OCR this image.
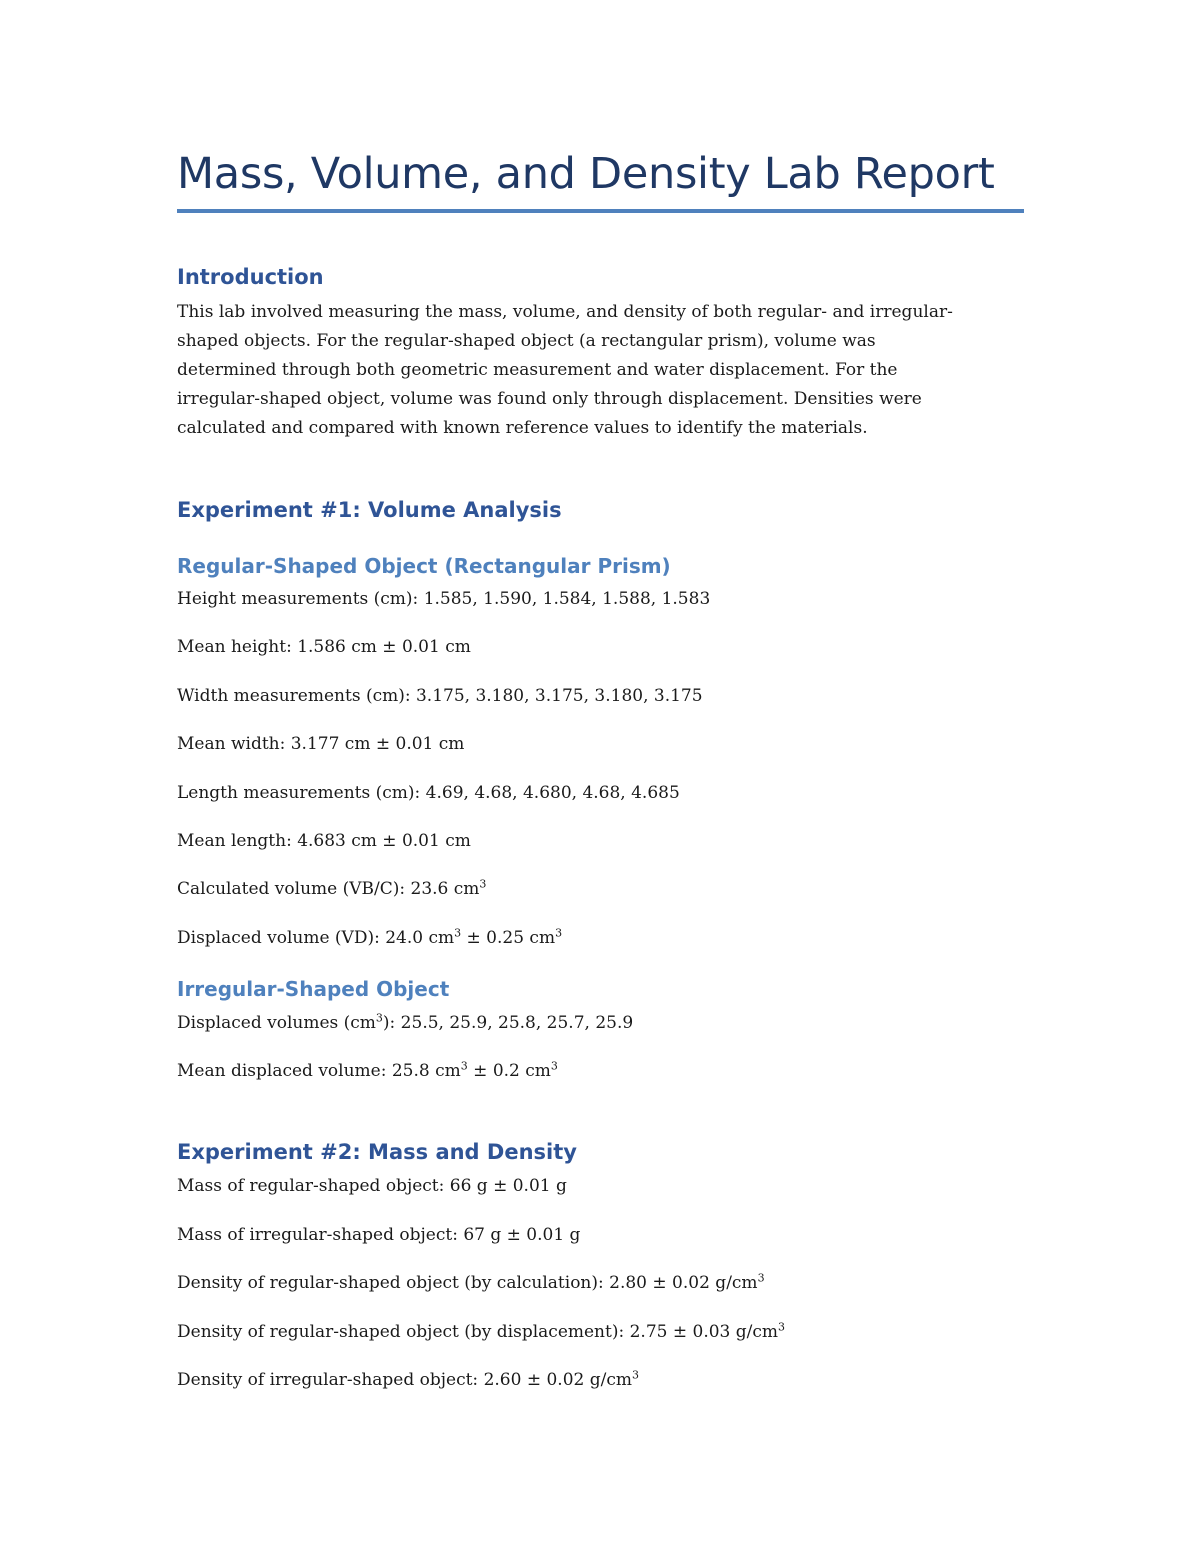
Mass, Volume, and Density Lab Report
Introduction
This lab involved measuring the mass, volume, and density of both regular- and irregular-
shaped objects. For the regular-shaped object (a rectangular prism), volume was
determined through both geometric measurement and water displacement. For the
irregular-shaped object, volume was found only through displacement. Densities were
calculated and compared with known reference values to identify the materials.
Experiment #1: Volume Analysis
Regular-Shaped Object (Rectangular Prism)
Height measurements (cm): 1.585, 1.590, 1.584, 1.588, 1.583
Mean height: 1.586 cm ± 0.01 cm
Width measurements (cm): 3.175, 3.180, 3.175, 3.180, 3.175
Mean width: 3.177 cm ± 0.01 cm
Length measurements (cm): 4.69, 4.68, 4.680, 4.68, 4.685
Mean length: 4.683 cm ± 0.01 cm
Calculated volume (VB/C): 23.6 $cm^3$
Displaced volume (VD): 24.0 $cm^3 \pm 0.25$ $cm^3$
Irregular-Shaped Object
Displaced volumes $(cm^3)$: 25.5, 25.9, 25.8, 25.7, 25.9
Mean displaced volume: 25.8 $cm^3 \pm 0.2$ $cm^3$
Experiment #2: Mass and Density
Mass of regular-shaped object: 66 g ± 0.01 g
Mass of irregular-shaped object: 67 g ± 0.01 g
Density of regular-shaped object (by calculation): 2.80 ± 0.02 $g/cm^3$
Density of regular-shaped object (by displacement): 2.75 ± 0.03 $g/cm^3$
Density of irregular-shaped object: 2.60 ± 0.02 $g/cm^3$
